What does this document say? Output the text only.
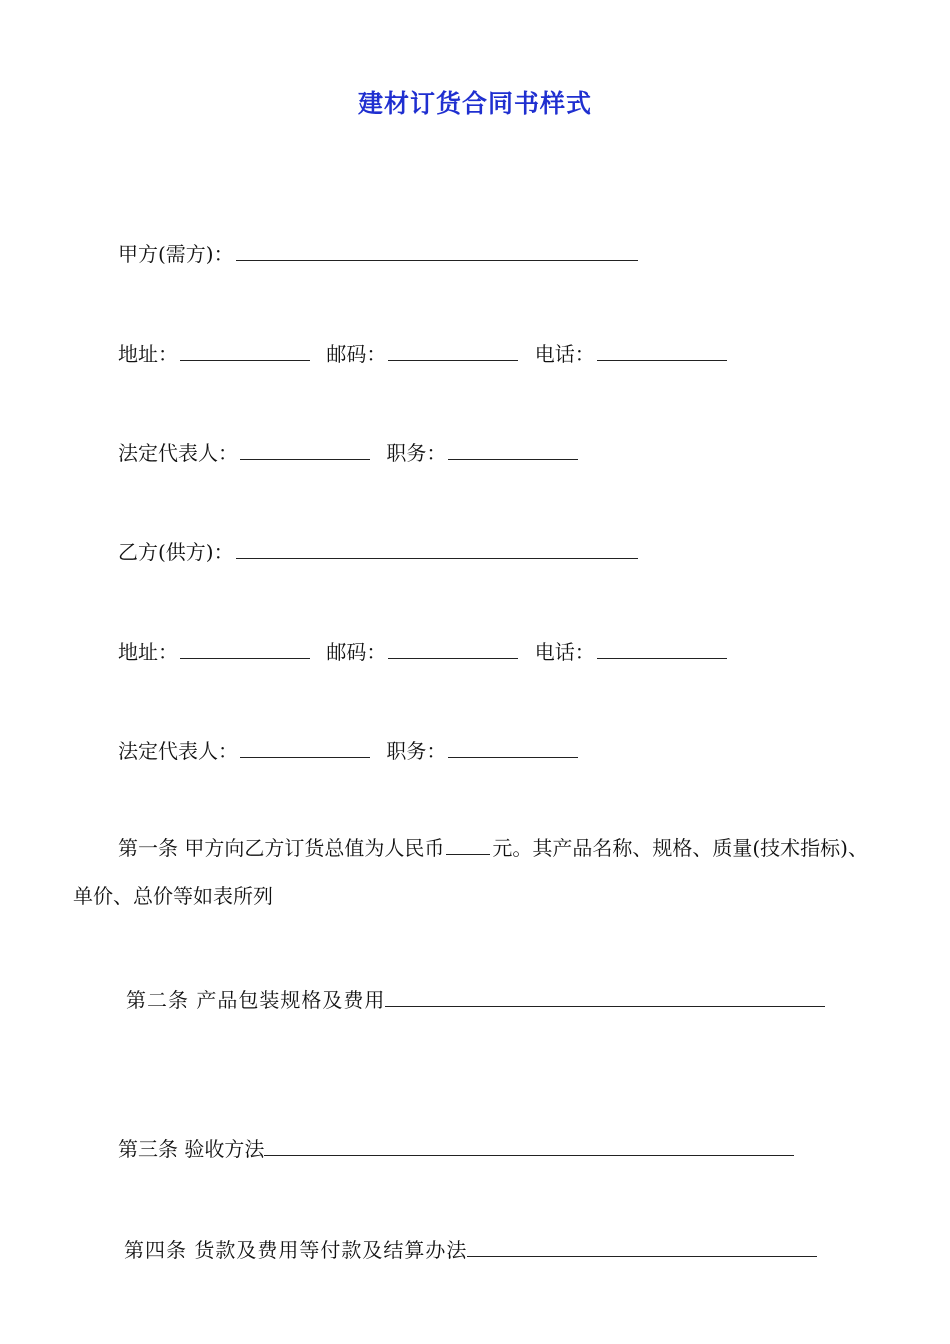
建材订货合同书样式
甲方(需方)：
地址：	邮码：	电话：
法定代表人：	职务：
乙方(供方)：
地址：	邮码：	电话：
法定代表人：	职务：
第一条 甲方向乙方订货总值为人民币 元。其产品名称、规格、质量(技术指标)、单价、总价等如表所列
第二条 产品包装规格及费用
第三条 验收方法
第四条 货款及费用等付款及结算办法
